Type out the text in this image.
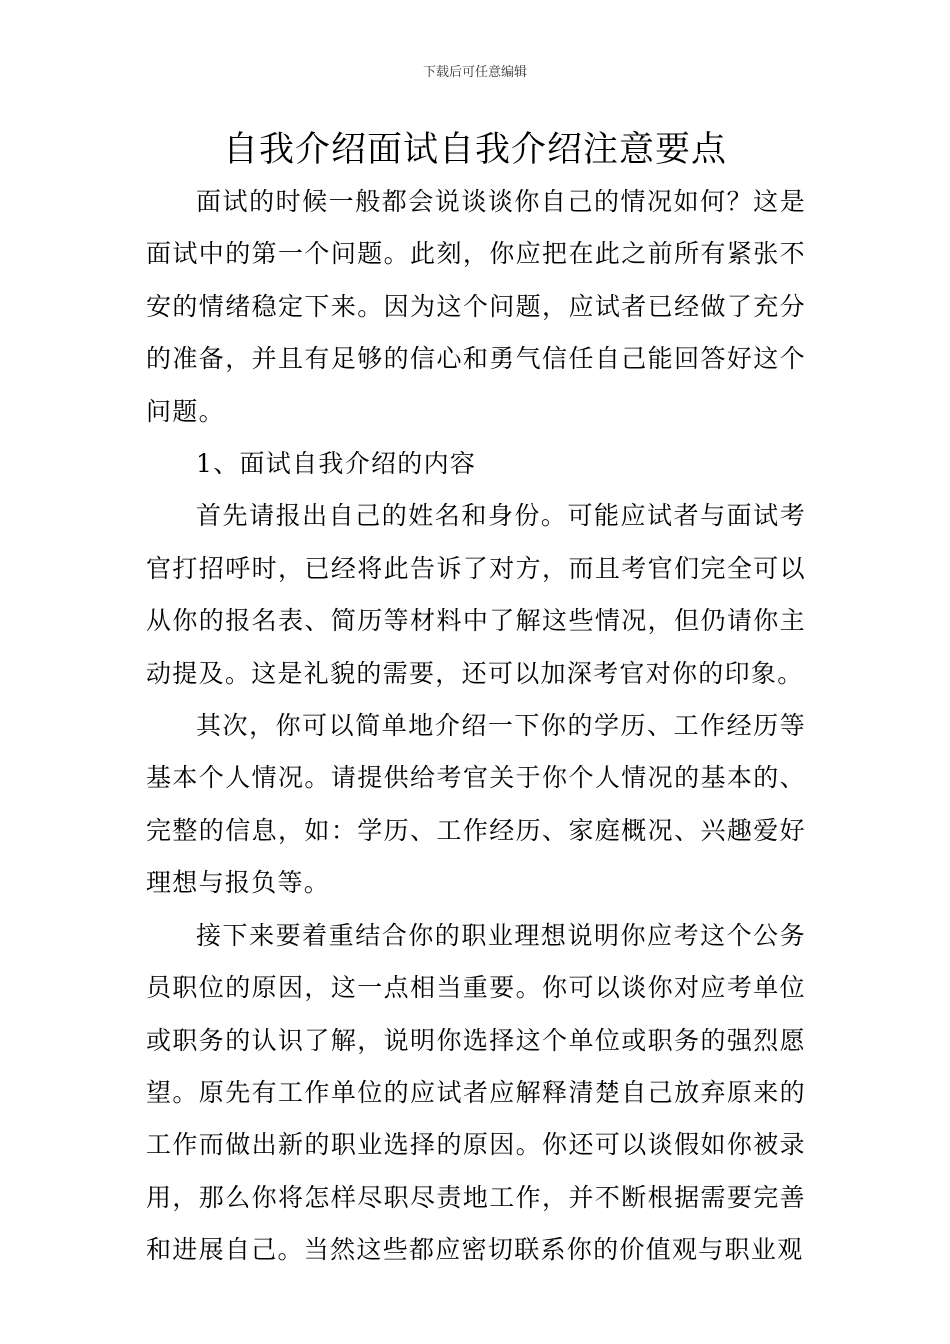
下载后可任意编辑
自我介绍面试自我介绍注意要点

面试的时候一般都会说谈谈你自己的情况如何？这是面试中的第一个问题。此刻，你应把在此之前所有紧张不安的情绪稳定下来。因为这个问题，应试者已经做了充分的准备，并且有足够的信心和勇气信任自己能回答好这个问题。

1、面试自我介绍的内容

首先请报出自己的姓名和身份。可能应试者与面试考官打招呼时，已经将此告诉了对方，而且考官们完全可以从你的报名表、简历等材料中了解这些情况，但仍请你主动提及。这是礼貌的需要，还可以加深考官对你的印象。

其次，你可以简单地介绍一下你的学历、工作经历等基本个人情况。请提供给考官关于你个人情况的基本的、完整的信息，如：学历、工作经历、家庭概况、兴趣爱好理想与报负等。

接下来要着重结合你的职业理想说明你应考这个公务员职位的原因，这一点相当重要。你可以谈你对应考单位或职务的认识了解，说明你选择这个单位或职务的强烈愿望。原先有工作单位的应试者应解释清楚自己放弃原来的工作而做出新的职业选择的原因。你还可以谈假如你被录用，那么你将怎样尽职尽责地工作，并不断根据需要完善和进展自己。当然这些都应密切联系你的价值观与职业观
